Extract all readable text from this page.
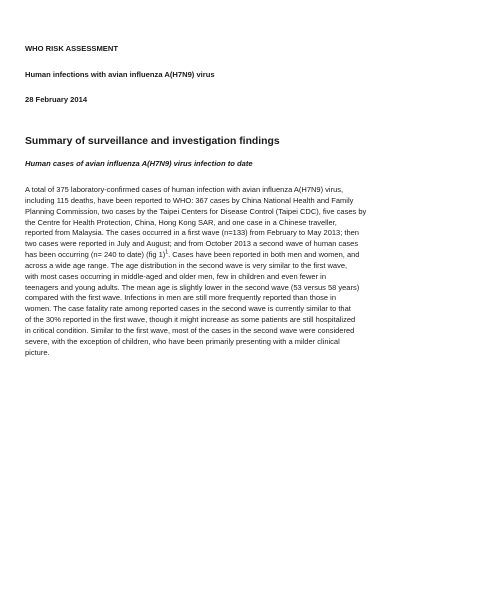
WHO RISK ASSESSMENT
Human infections with avian influenza A(H7N9) virus
28 February 2014
Summary of surveillance and investigation findings
Human cases of avian influenza A(H7N9) virus infection to date
A total of 375 laboratory-confirmed cases of human infection with avian influenza A(H7N9) virus,
including 115 deaths, have been reported to WHO: 367 cases by China National Health and Family
Planning Commission, two cases by the Taipei Centers for Disease Control (Taipei CDC), five cases by
the Centre for Health Protection, China, Hong Kong SAR, and one case in a Chinese traveller,
reported from Malaysia. The cases occurred in a first wave (n=133) from February to May 2013; then
two cases were reported in July and August; and from October 2013 a second wave of human cases
has been occurring (n= 240 to date) (fig 1)$^1$. Cases have been reported in both men and women, and
across a wide age range. The age distribution in the second wave is very similar to the first wave,
with most cases occurring in middle-aged and older men, few in children and even fewer in
teenagers and young adults. The mean age is slightly lower in the second wave (53 versus 58 years)
compared with the first wave. Infections in men are still more frequently reported than those in
women. The case fatality rate among reported cases in the second wave is currently similar to that
of the 30% reported in the first wave, though it might increase as some patients are still hospitalized
in critical condition. Similar to the first wave, most of the cases in the second wave were considered
severe, with the exception of children, who have been primarily presenting with a milder clinical
picture.
